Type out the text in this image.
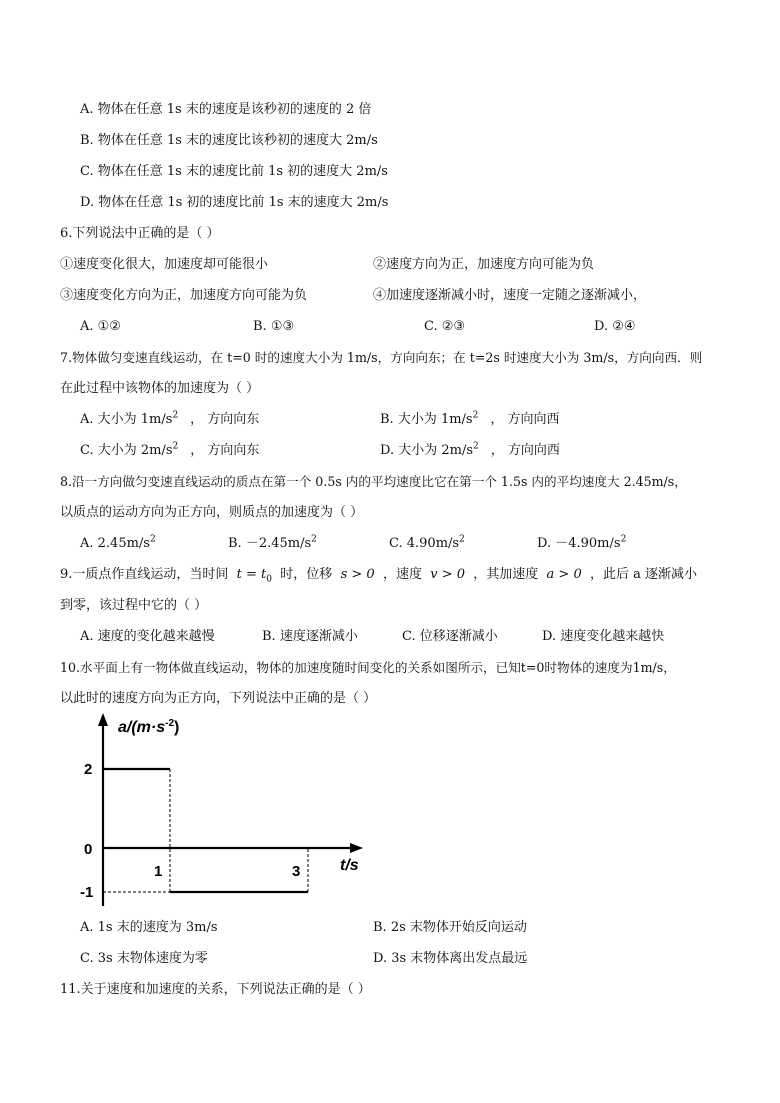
A. 物体在任意 1s 末的速度是该秒初的速度的 2 倍
B. 物体在任意 1s 末的速度比该秒初的速度大 2m/s
C. 物体在任意 1s 末的速度比前 1s 初的速度大 2m/s
D. 物体在任意 1s 初的速度比前 1s 末的速度大 2m/s
6.下列说法中正确的是（ ）
①速度变化很大，加速度却可能很小	②速度方向为正，加速度方向可能为负
③速度变化方向为正，加速度方向可能为负	④加速度逐渐减小时，速度一定随之逐渐减小，
A. ①②	B. ①③	C. ②③	D. ②④
7.物体做匀变速直线运动，在 t=0 时的速度大小为 1m/s，方向向东；在 t=2s 时速度大小为 3m/s，方向向西．则
在此过程中该物体的加速度为（ ）
A. 大小为 $1m/s^2$ ， 方向向东	B. 大小为 $1m/s^2$ ， 方向向西
C. 大小为 $2m/s^2$ ， 方向向东	D. 大小为 $2m/s^2$ ， 方向向西
8.沿一方向做匀变速直线运动的质点在第一个 0.5s 内的平均速度比它在第一个 1.5s 内的平均速度大 2.45m/s，
以质点的运动方向为正方向，则质点的加速度为（ ）
A. $2.45m/s^2$	B. $-2.45m/s^2$	C. $4.90m/s^2$	D. $-4.90m/s^2$
9.一质点作直线运动，当时间 $t = t_0$ 时，位移 s > 0 ，速度 v > 0 ，其加速度 a > 0 ，此后 a 逐渐减小
到零，该过程中它的（ ）
A. 速度的变化越来越慢	B. 速度逐渐减小	C. 位移逐渐减小	D. 速度变化越来越快
10.水平面上有一物体做直线运动，物体的加速度随时间变化的关系如图所示，已知t=0时物体的速度为1m/s，
以此时的速度方向为正方向，下列说法中正确的是（ ）
$a/(m\cdot s^{-2})$
2
0
-1
1	3 t/s
A. 1s 末的速度为 3m/s	B. 2s 末物体开始反向运动
C. 3s 末物体速度为零	D. 3s 末物体离出发点最远
11.关于速度和加速度的关系，下列说法正确的是（ ）
